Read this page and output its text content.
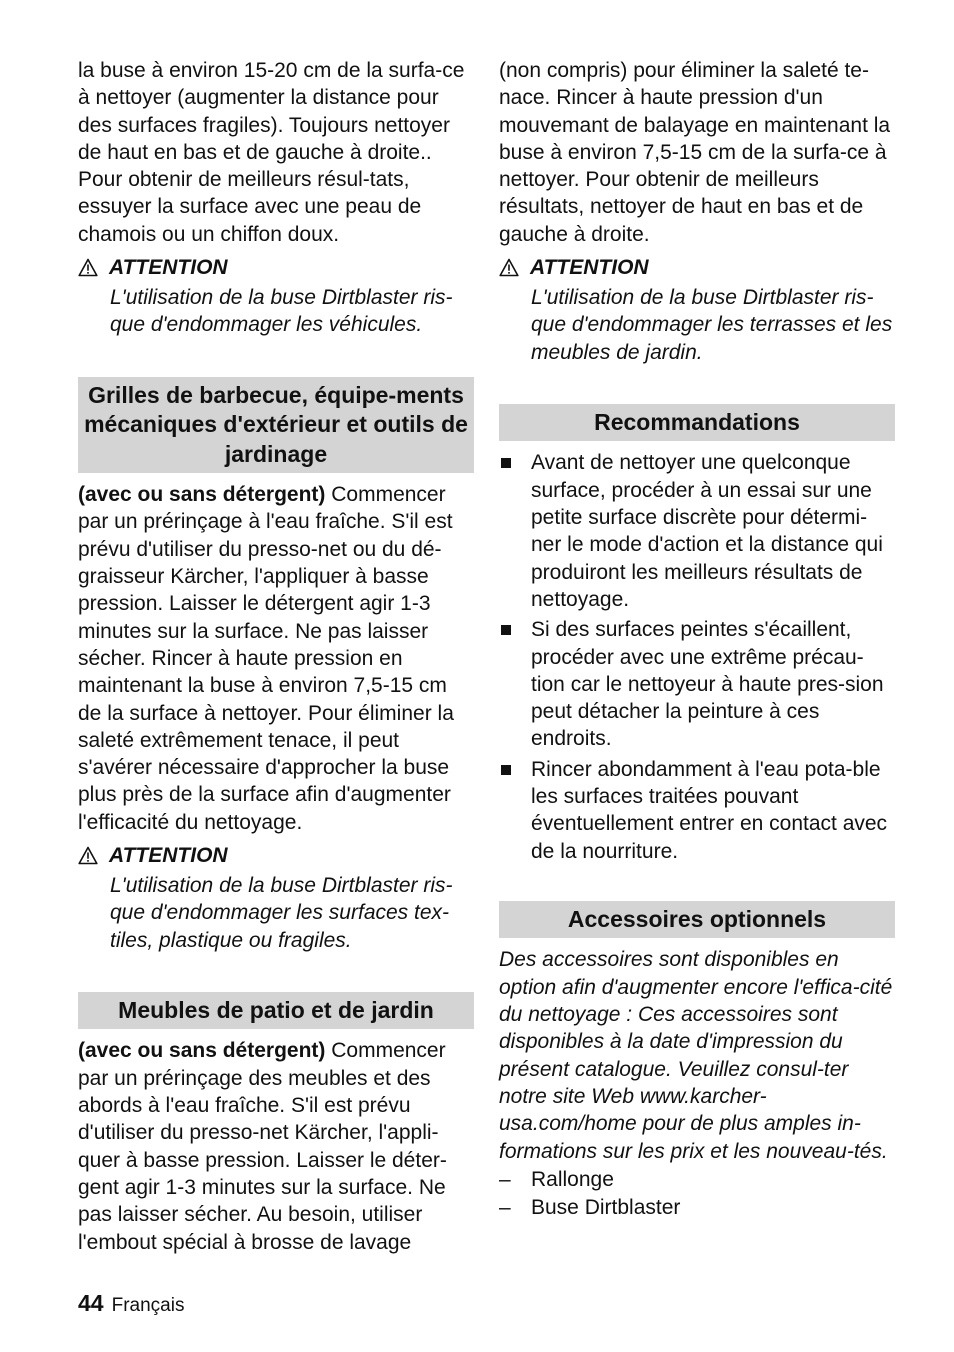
la buse à environ 15-20 cm de la surfa-ce à nettoyer (augmenter la distance pour des surfaces fragiles). Toujours nettoyer de haut en bas et de gauche à droite.. Pour obtenir de meilleurs résul-tats, essuyer la surface avec une peau de chamois ou un chiffon doux.

ATTENTION

L'utilisation de la buse Dirtblaster ris-que d'endommager les véhicules.

Grilles de barbecue, équipe-ments mécaniques d'extérieur et outils de jardinage

(avec ou sans détergent) Commencer par un prérinçage à l'eau fraîche. S'il est prévu d'utiliser du presso-net ou du dé-graisseur Kärcher, l'appliquer à basse pression. Laisser le détergent agir 1-3 minutes sur la surface. Ne pas laisser sécher. Rincer à haute pression en maintenant la buse à environ 7,5-15 cm de la surface à nettoyer. Pour éliminer la saleté extrêmement tenace, il peut s'avérer nécessaire d'approcher la buse plus près de la surface afin d'augmenter l'efficacité du nettoyage.

ATTENTION

L'utilisation de la buse Dirtblaster ris-que d'endommager les surfaces tex-tiles, plastique ou fragiles.

Meubles de patio et de jardin

(avec ou sans détergent) Commencer par un prérinçage des meubles et des abords à l'eau fraîche. S'il est prévu d'utiliser du presso-net Kärcher, l'appli-quer à basse pression. Laisser le déter-gent agir 1-3 minutes sur la surface. Ne pas laisser sécher. Au besoin, utiliser l'embout spécial à brosse de lavage

(non compris) pour éliminer la saleté te-nace. Rincer à haute pression d'un mouvemant de balayage en maintenant la buse à environ 7,5-15 cm de la surfa-ce à nettoyer. Pour obtenir de meilleurs résultats, nettoyer de haut en bas et de gauche à droite.

ATTENTION

L'utilisation de la buse Dirtblaster ris-que d'endommager les terrasses et les meubles de jardin.

Recommandations
Avant de nettoyer une quelconque surface, procéder à un essai sur une petite surface discrète pour détermi-ner le mode d'action et la distance qui produiront les meilleurs résultats de nettoyage.
Si des surfaces peintes s'écaillent, procéder avec une extrême précau-tion car le nettoyeur à haute pres-sion peut détacher la peinture à ces endroits.
Rincer abondamment à l'eau pota-ble les surfaces traitées pouvant éventuellement entrer en contact avec de la nourriture.
Accessoires optionnels

Des accessoires sont disponibles en option afin d'augmenter encore l'effica-cité du nettoyage : Ces accessoires sont disponibles à la date d'impression du présent catalogue. Veuillez consul-ter notre site Web www.karcher-usa.com/home pour de plus amples in-formations sur les prix et les nouveau-tés.

– Rallonge
– Buse Dirtblaster
44 Français
